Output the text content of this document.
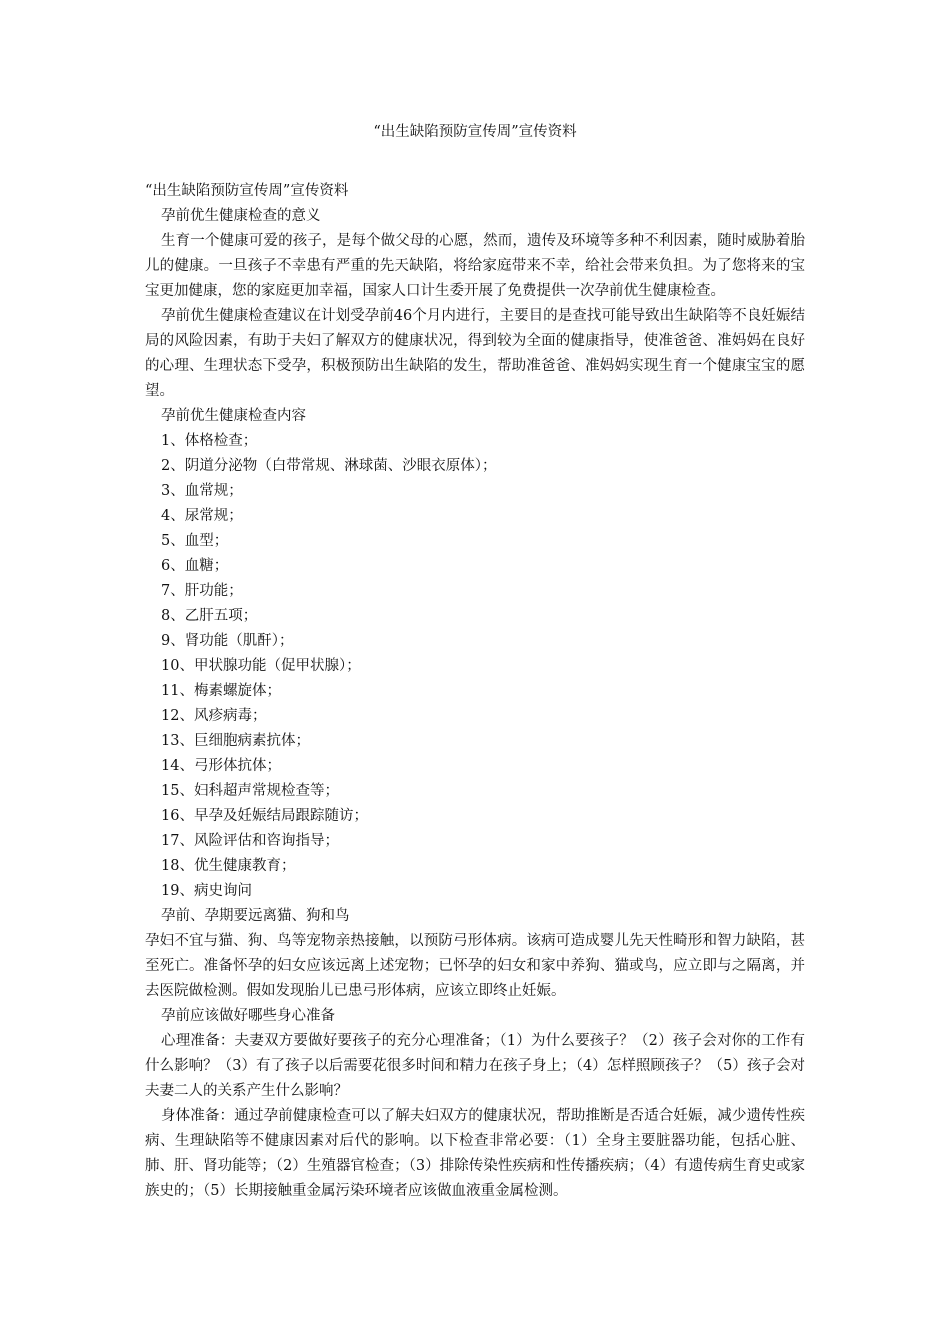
“出生缺陷预防宣传周”宣传资料

“出生缺陷预防宣传周”宣传资料

孕前优生健康检查的意义

生育一个健康可爱的孩子，是每个做父母的心愿，然而，遗传及环境等多种不利因素，随时威胁着胎儿的健康。一旦孩子不幸患有严重的先天缺陷，将给家庭带来不幸，给社会带来负担。为了您将来的宝宝更加健康，您的家庭更加幸福，国家人口计生委开展了免费提供一次孕前优生健康检查。

孕前优生健康检查建议在计划受孕前46个月内进行，主要目的是查找可能导致出生缺陷等不良妊娠结局的风险因素，有助于夫妇了解双方的健康状况，得到较为全面的健康指导，使准爸爸、准妈妈在良好的心理、生理状态下受孕，积极预防出生缺陷的发生，帮助准爸爸、准妈妈实现生育一个健康宝宝的愿望。

孕前优生健康检查内容

1、体格检查；

2、阴道分泌物（白带常规、淋球菌、沙眼衣原体）；

3、血常规；

4、尿常规；

5、血型；

6、血糖；

7、肝功能；

8、乙肝五项；

9、肾功能（肌酐）；

10、甲状腺功能（促甲状腺）；

11、梅素螺旋体；

12、风疹病毒；

13、巨细胞病素抗体；

14、弓形体抗体；

15、妇科超声常规检查等；

16、早孕及妊娠结局跟踪随访；

17、风险评估和咨询指导；

18、优生健康教育；

19、病史询问

孕前、孕期要远离猫、狗和鸟

孕妇不宜与猫、狗、鸟等宠物亲热接触，以预防弓形体病。该病可造成婴儿先天性畸形和智力缺陷，甚至死亡。准备怀孕的妇女应该远离上述宠物；已怀孕的妇女和家中养狗、猫或鸟，应立即与之隔离，并去医院做检测。假如发现胎儿已患弓形体病，应该立即终止妊娠。

孕前应该做好哪些身心准备

心理准备：夫妻双方要做好要孩子的充分心理准备；（1）为什么要孩子？（2）孩子会对你的工作有什么影响？（3）有了孩子以后需要花很多时间和精力在孩子身上；（4）怎样照顾孩子？（5）孩子会对夫妻二人的关系产生什么影响？

身体准备：通过孕前健康检查可以了解夫妇双方的健康状况，帮助推断是否适合妊娠，减少遗传性疾病、生理缺陷等不健康因素对后代的影响。以下检查非常必要：（1）全身主要脏器功能，包括心脏、肺、肝、肾功能等；（2）生殖器官检查；（3）排除传染性疾病和性传播疾病；（4）有遗传病生育史或家族史的；（5）长期接触重金属污染环境者应该做血液重金属检测。
